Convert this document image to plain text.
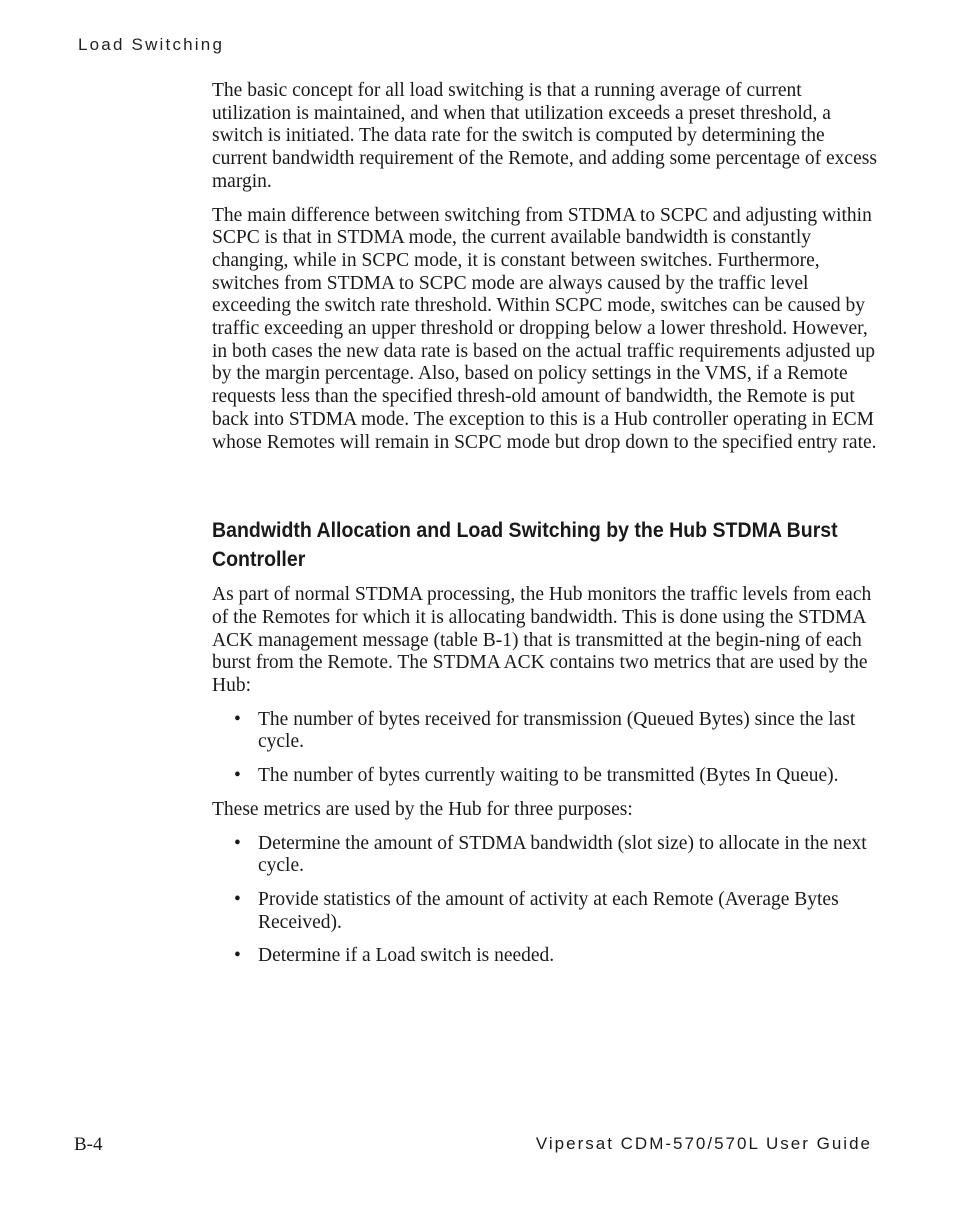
Load Switching

The basic concept for all load switching is that a running average of current utilization is maintained, and when that utilization exceeds a preset threshold, a switch is initiated. The data rate for the switch is computed by determining the current bandwidth requirement of the Remote, and adding some percentage of excess margin.

The main difference between switching from STDMA to SCPC and adjusting within SCPC is that in STDMA mode, the current available bandwidth is constantly changing, while in SCPC mode, it is constant between switches. Furthermore, switches from STDMA to SCPC mode are always caused by the traffic level exceeding the switch rate threshold. Within SCPC mode, switches can be caused by traffic exceeding an upper threshold or dropping below a lower threshold. However, in both cases the new data rate is based on the actual traffic requirements adjusted up by the margin percentage. Also, based on policy settings in the VMS, if a Remote requests less than the specified thresh-old amount of bandwidth, the Remote is put back into STDMA mode. The exception to this is a Hub controller operating in ECM whose Remotes will remain in SCPC mode but drop down to the specified entry rate.

Bandwidth Allocation and Load Switching by the Hub STDMA Burst Controller

As part of normal STDMA processing, the Hub monitors the traffic levels from each of the Remotes for which it is allocating bandwidth. This is done using the STDMA ACK management message (table B-1) that is transmitted at the begin-ning of each burst from the Remote. The STDMA ACK contains two metrics that are used by the Hub:

• The number of bytes received for transmission (Queued Bytes) since the last cycle.
• The number of bytes currently waiting to be transmitted (Bytes In Queue).

These metrics are used by the Hub for three purposes:

• Determine the amount of STDMA bandwidth (slot size) to allocate in the next cycle.
• Provide statistics of the amount of activity at each Remote (Average Bytes Received).
• Determine if a Load switch is needed.
B-4	Vipersat CDM-570/570L User Guide
